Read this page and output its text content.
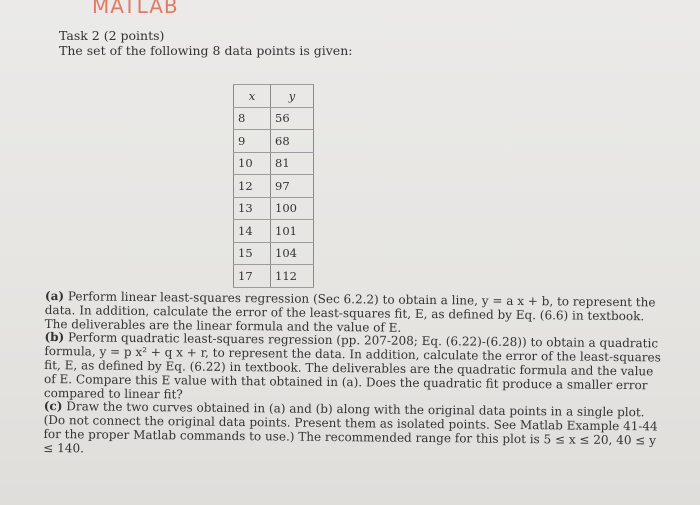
MATLAB
Task 2 (2 points)
The set of the following 8 data points is given:
x	y
8	56
9	68
10	81
12	97
13	100
14	101
15	104
17	112

(a) Perform linear least-squares regression (Sec 6.2.2) to obtain a line, y = a x + b, to represent the data. In addition, calculate the error of the least-squares fit, E, as defined by Eq. (6.6) in textbook. The deliverables are the linear formula and the value of E.

(b) Perform quadratic least-squares regression (pp. 207-208; Eq. (6.22)-(6.28)) to obtain a quadratic formula, y = p x² + q x + r, to represent the data. In addition, calculate the error of the least-squares fit, E, as defined by Eq. (6.22) in textbook. The deliverables are the quadratic formula and the value of E. Compare this E value with that obtained in (a). Does the quadratic fit produce a smaller error compared to linear fit?

(c) Draw the two curves obtained in (a) and (b) along with the original data points in a single plot. (Do not connect the original data points. Present them as isolated points. See Matlab Example 41-44 for the proper Matlab commands to use.) The recommended range for this plot is 5 ≤ x ≤ 20, 40 ≤ y ≤ 140.
